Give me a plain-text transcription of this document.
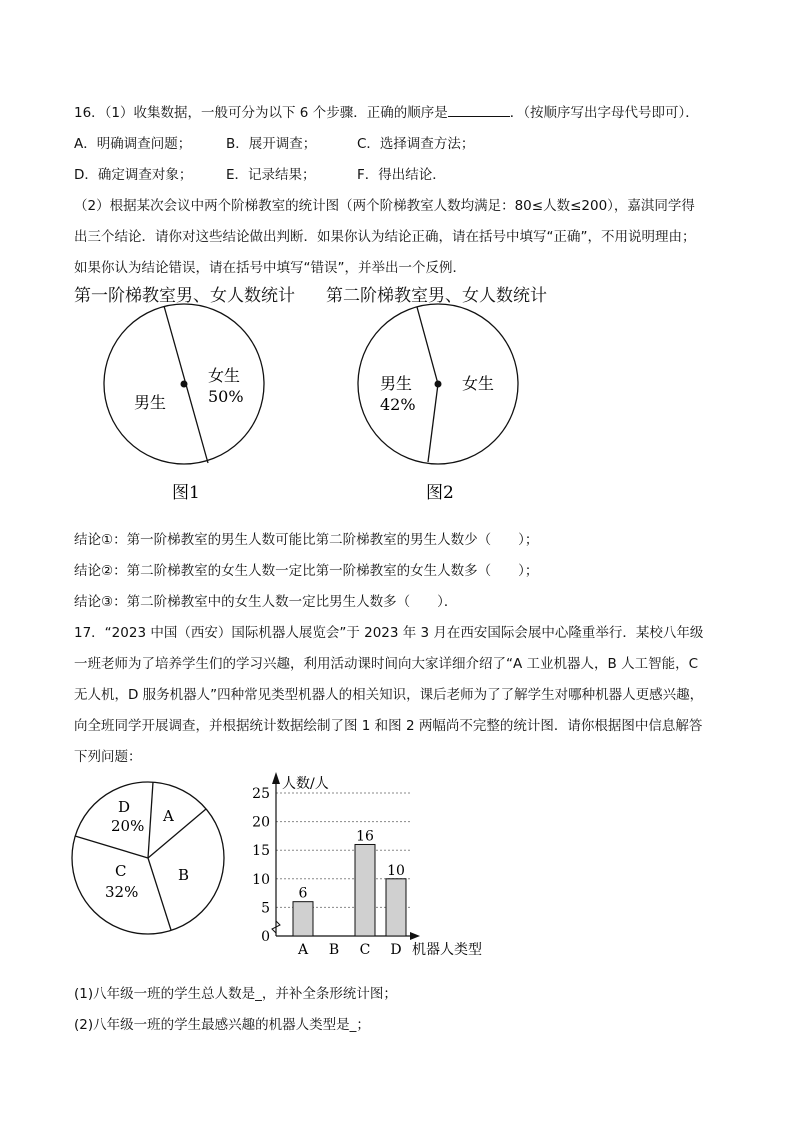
16．（1）收集数据，一般可分为以下 6 个步骤．正确的顺序是	．（按顺序写出字母代号即可）．
A．明确调查问题；	B．展开调查；	C．选择调查方法；
D．确定调查对象； E．记录结果；	F．得出结论．
（2）根据某次会议中两个阶梯教室的统计图（两个阶梯教室人数均满足：80≤人数≤200），嘉淇同学得
出三个结论．请你对这些结论做出判断．如果你认为结论正确，请在括号中填写“正确”，不用说明理由；
如果你认为结论错误，请在括号中填写“错误”，并举出一个反例．
第一阶梯教室男、女人数统计 第二阶梯教室男、女人数统计
男生
女生
50%
图1
男生
42%
女生
图2
结论①：第一阶梯教室的男生人数可能比第二阶梯教室的男生人数少（　　）；
结论②：第二阶梯教室的女生人数一定比第一阶梯教室的女生人数多（　　）；
结论③：第二阶梯教室中的女生人数一定比男生人数多（　　）．
17．“2023 中国（西安）国际机器人展览会”于 2023 年 3 月在西安国际会展中心隆重举行．某校八年级
一班老师为了培养学生们的学习兴趣，利用活动课时间向大家详细介绍了“A 工业机器人，B 人工智能，C
无人机，D 服务机器人”四种常见类型机器人的相关知识，课后老师为了了解学生对哪种机器人更感兴趣，
向全班同学开展调查，并根据统计数据绘制了图 1 和图 2 两幅尚不完整的统计图．请你根据图中信息解答
下列问题：
D
20%
A
B
C
32%
人数/人
机器人类型
0
5
10
15
20
25
6
A B
16
C
10
D
(1)八年级一班的学生总人数是_，并补全条形统计图；
(2)八年级一班的学生最感兴趣的机器人类型是_；
